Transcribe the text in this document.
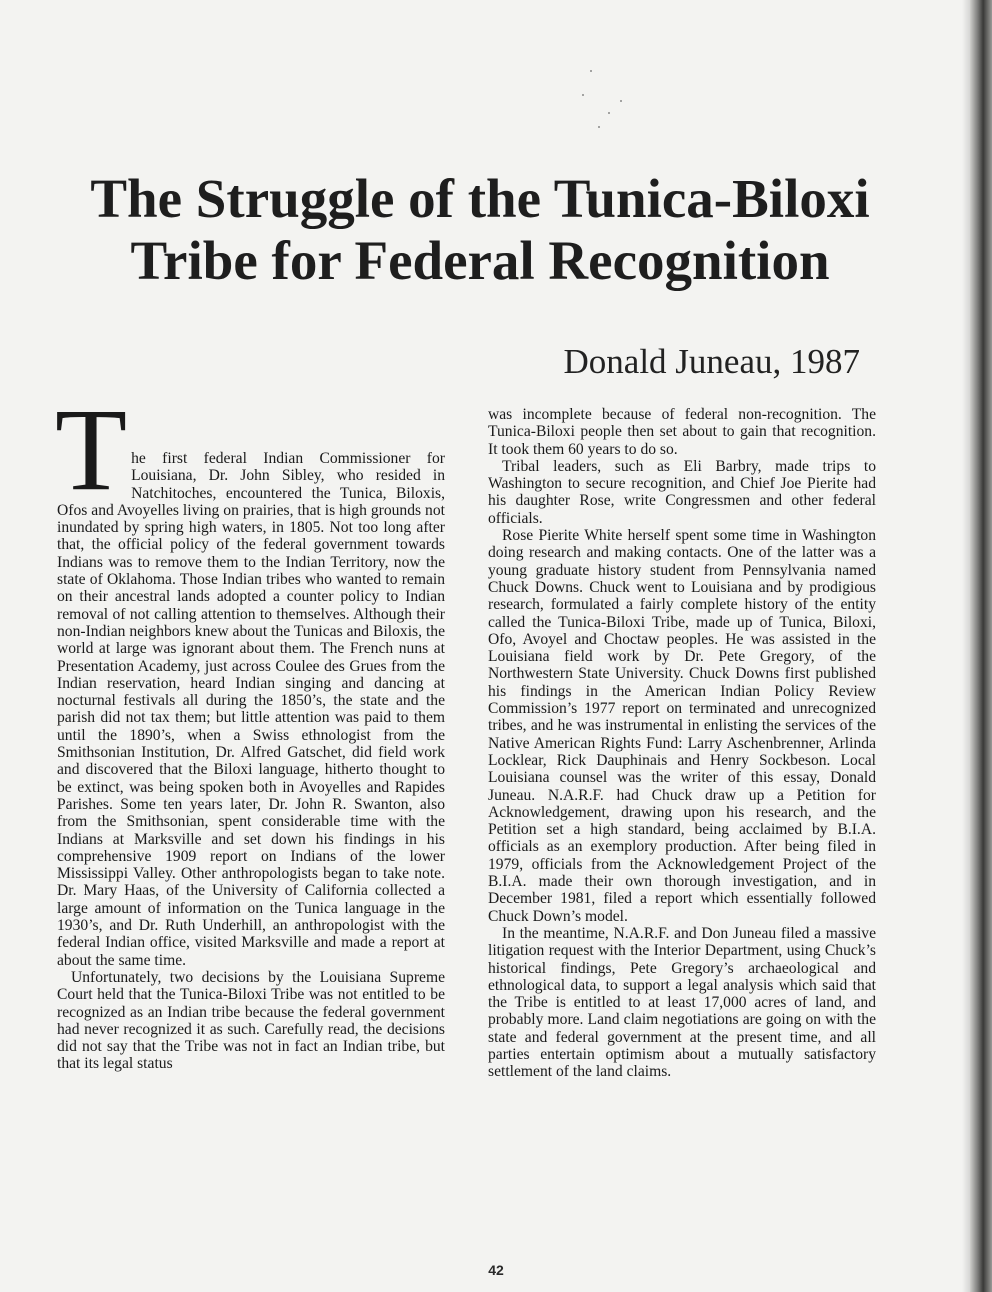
The Struggle of the Tunica-Biloxi
Tribe for Federal Recognition
Donald Juneau, 1987
T he first federal Indian Commissioner for Louisiana, Dr. John Sibley, who resided in Natchitoches, encountered the Tunica, Biloxis, Ofos and Avoyelles living on prairies, that is high grounds not inundated by spring high waters, in 1805. Not too long after that, the official policy of the federal government towards Indians was to remove them to the Indian Territory, now the state of Oklahoma. Those Indian tribes who wanted to remain on their ancestral lands adopted a counter policy to Indian removal of not calling attention to themselves. Although their non-Indian neighbors knew about the Tunicas and Biloxis, the world at large was ignorant about them. The French nuns at Presentation Academy, just across Coulee des Grues from the Indian reservation, heard Indian singing and dancing at nocturnal festivals all during the 1850’s, the state and the parish did not tax them; but little attention was paid to them until the 1890’s, when a Swiss ethnologist from the Smithsonian Institution, Dr. Alfred Gatschet, did field work and discovered that the Biloxi language, hitherto thought to be extinct, was being spoken both in Avoyelles and Rapides Parishes. Some ten years later, Dr. John R. Swanton, also from the Smithsonian, spent considerable time with the Indians at Marksville and set down his findings in his comprehensive 1909 report on Indians of the lower Mississippi Valley. Other anthropologists began to take note. Dr. Mary Haas, of the University of California collected a large amount of information on the Tunica language in the 1930’s, and Dr. Ruth Underhill, an anthropologist with the federal Indian office, visited Marksville and made a report at about the same time.

Unfortunately, two decisions by the Louisiana Supreme Court held that the Tunica-Biloxi Tribe was not entitled to be recognized as an Indian tribe because the federal government had never recognized it as such. Carefully read, the decisions did not say that the Tribe was not in fact an Indian tribe, but that its legal status

was incomplete because of federal non-recognition. The Tunica-Biloxi people then set about to gain that recognition. It took them 60 years to do so.

Tribal leaders, such as Eli Barbry, made trips to Washington to secure recognition, and Chief Joe Pierite had his daughter Rose, write Congressmen and other federal officials.

Rose Pierite White herself spent some time in Washington doing research and making contacts. One of the latter was a young graduate history student from Pennsylvania named Chuck Downs. Chuck went to Louisiana and by prodigious research, formulated a fairly complete history of the entity called the Tunica-Biloxi Tribe, made up of Tunica, Biloxi, Ofo, Avoyel and Choctaw peoples. He was assisted in the Louisiana field work by Dr. Pete Gregory, of the Northwestern State University. Chuck Downs first published his findings in the American Indian Policy Review Commission’s 1977 report on terminated and unrecognized tribes, and he was instrumental in enlisting the services of the Native American Rights Fund: Larry Aschenbrenner, Arlinda Locklear, Rick Dauphinais and Henry Sockbeson. Local Louisiana counsel was the writer of this essay, Donald Juneau. N.A.R.F. had Chuck draw up a Petition for Acknowledgement, drawing upon his research, and the Petition set a high standard, being acclaimed by B.I.A. officials as an exemplory production. After being filed in 1979, officials from the Acknowledgement Project of the B.I.A. made their own thorough investigation, and in December 1981, filed a report which essentially followed Chuck Down’s model.

In the meantime, N.A.R.F. and Don Juneau filed a massive litigation request with the Interior Department, using Chuck’s historical findings, Pete Gregory’s archaeological and ethnological data, to support a legal analysis which said that the Tribe is entitled to at least 17,000 acres of land, and probably more. Land claim negotiations are going on with the state and federal government at the present time, and all parties entertain optimism about a mutually satisfactory settlement of the land claims.

42
